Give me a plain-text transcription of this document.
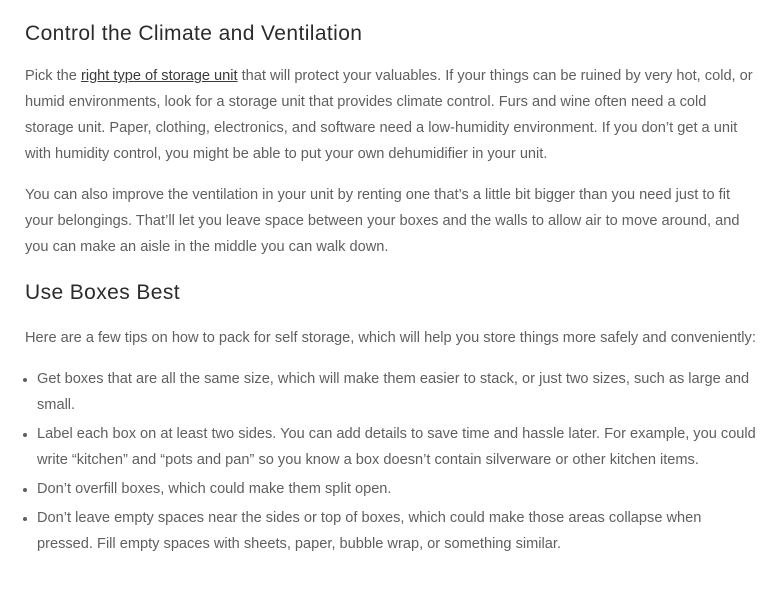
Control the Climate and Ventilation

Pick the right type of storage unit that will protect your valuables. If your things can be ruined by very hot, cold, or humid environments, look for a storage unit that provides climate control. Furs and wine often need a cold storage unit. Paper, clothing, electronics, and software need a low-humidity environment. If you don’t get a unit with humidity control, you might be able to put your own dehumidifier in your unit.

You can also improve the ventilation in your unit by renting one that’s a little bit bigger than you need just to fit your belongings. That’ll let you leave space between your boxes and the walls to allow air to move around, and you can make an aisle in the middle you can walk down.

Use Boxes Best

Here are a few tips on how to pack for self storage, which will help you store things more safely and conveniently:

• Get boxes that are all the same size, which will make them easier to stack, or just two sizes, such as large and small.
• Label each box on at least two sides. You can add details to save time and hassle later. For example, you could write “kitchen” and “pots and pan” so you know a box doesn’t contain silverware or other kitchen items.
• Don’t overfill boxes, which could make them split open.
• Don’t leave empty spaces near the sides or top of boxes, which could make those areas collapse when pressed. Fill empty spaces with sheets, paper, bubble wrap, or something similar.
